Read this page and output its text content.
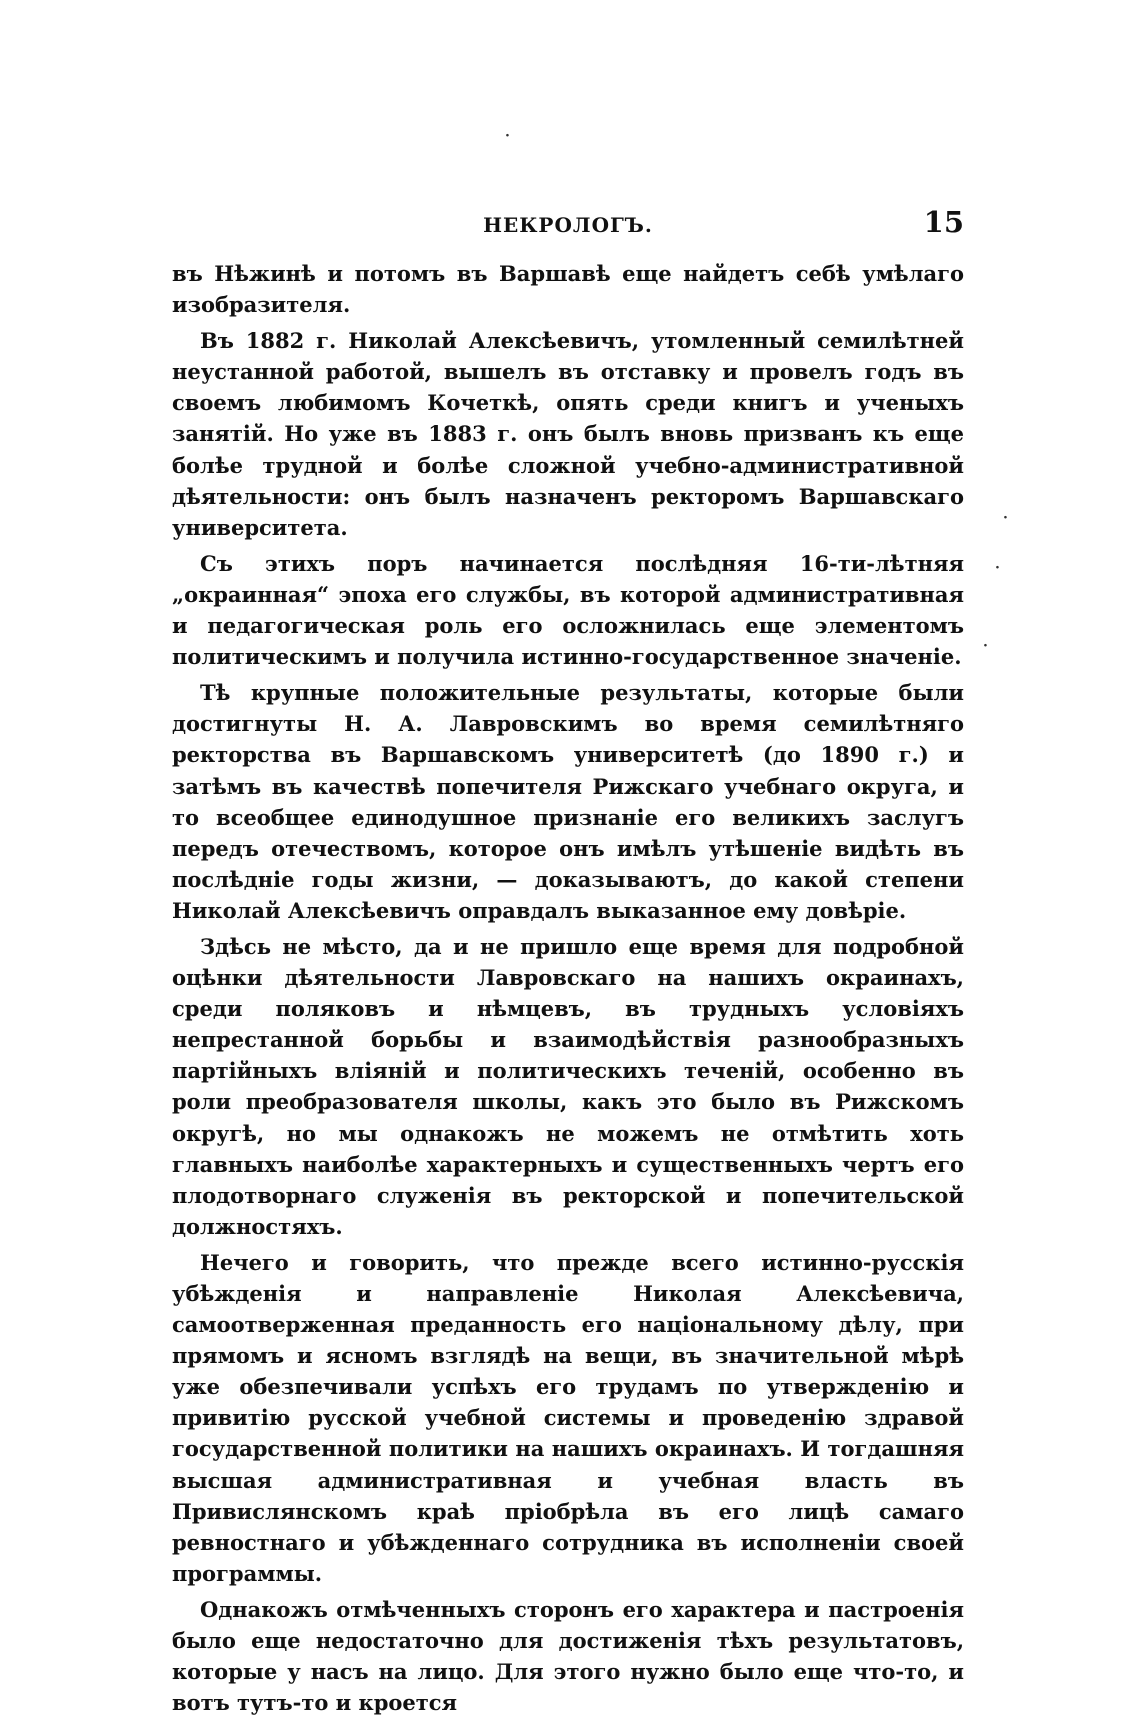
НЕКРОЛОГЪ.	15

въ Нѣжинѣ и потомъ въ Варшавѣ еще найдетъ себѣ умѣлаго изобразителя.

Въ 1882 г. Николай Алексѣевичъ, утомленный семилѣтней неустанной работой, вышелъ въ отставку и провелъ годъ въ своемъ любимомъ Кочеткѣ, опять среди книгъ и ученыхъ занятій. Но уже въ 1883 г. онъ былъ вновь призванъ къ еще болѣе трудной и болѣе сложной учебно-административной дѣятельности: онъ былъ назначенъ ректоромъ Варшавскаго университета.

Съ этихъ поръ начинается послѣдняя 16-ти-лѣтняя „окраинная“ эпоха его службы, въ которой административная и педагогическая роль его осложнилась еще элементомъ политическимъ и получила истинно-государственное значеніе.

Тѣ крупные положительные результаты, которые были достигнуты Н. А. Лавровскимъ во время семилѣтняго ректорства въ Варшавскомъ университетѣ (до 1890 г.) и затѣмъ въ качествѣ попечителя Рижскаго учебнаго округа, и то всеобщее единодушное признаніе его великихъ заслугъ передъ отечествомъ, которое онъ имѣлъ утѣшеніе видѣть въ послѣдніе годы жизни, — доказываютъ, до какой степени Николай Алексѣевичъ оправдалъ выказанное ему довѣріе.

Здѣсь не мѣсто, да и не пришло еще время для подробной оцѣнки дѣятельности Лавровскаго на нашихъ окраинахъ, среди поляковъ и нѣмцевъ, въ трудныхъ условіяхъ непрестанной борьбы и взаимодѣйствія разнообразныхъ партійныхъ вліяній и политическихъ теченій, особенно въ роли преобразователя школы, какъ это было въ Рижскомъ округѣ, но мы однакожъ не можемъ не отмѣтить хоть главныхъ наиболѣе характерныхъ и существенныхъ чертъ его плодотворнаго служенія въ ректорской и попечительской должностяхъ.

Нечего и говорить, что прежде всего истинно-русскія убѣжденія и направленіе Николая Алексѣевича, самоотверженная преданность его національному дѣлу, при прямомъ и ясномъ взглядѣ на вещи, въ значительной мѣрѣ уже обезпечивали успѣхъ его трудамъ по утвержденію и привитію русской учебной системы и проведенію здравой государственной политики на нашихъ окраинахъ. И тогдашняя высшая административная и учебная власть въ Привислянскомъ краѣ пріобрѣла въ его лицѣ самаго ревностнаго и убѣжденнаго сотрудника въ исполненіи своей программы.

Однакожъ отмѣченныхъ сторонъ его характера и пастроенія было еще недостаточно для достиженія тѣхъ результатовъ, которые у насъ на лицо. Для этого нужно было еще что-то, и вотъ тутъ-то и кроется

·
·
·
·
